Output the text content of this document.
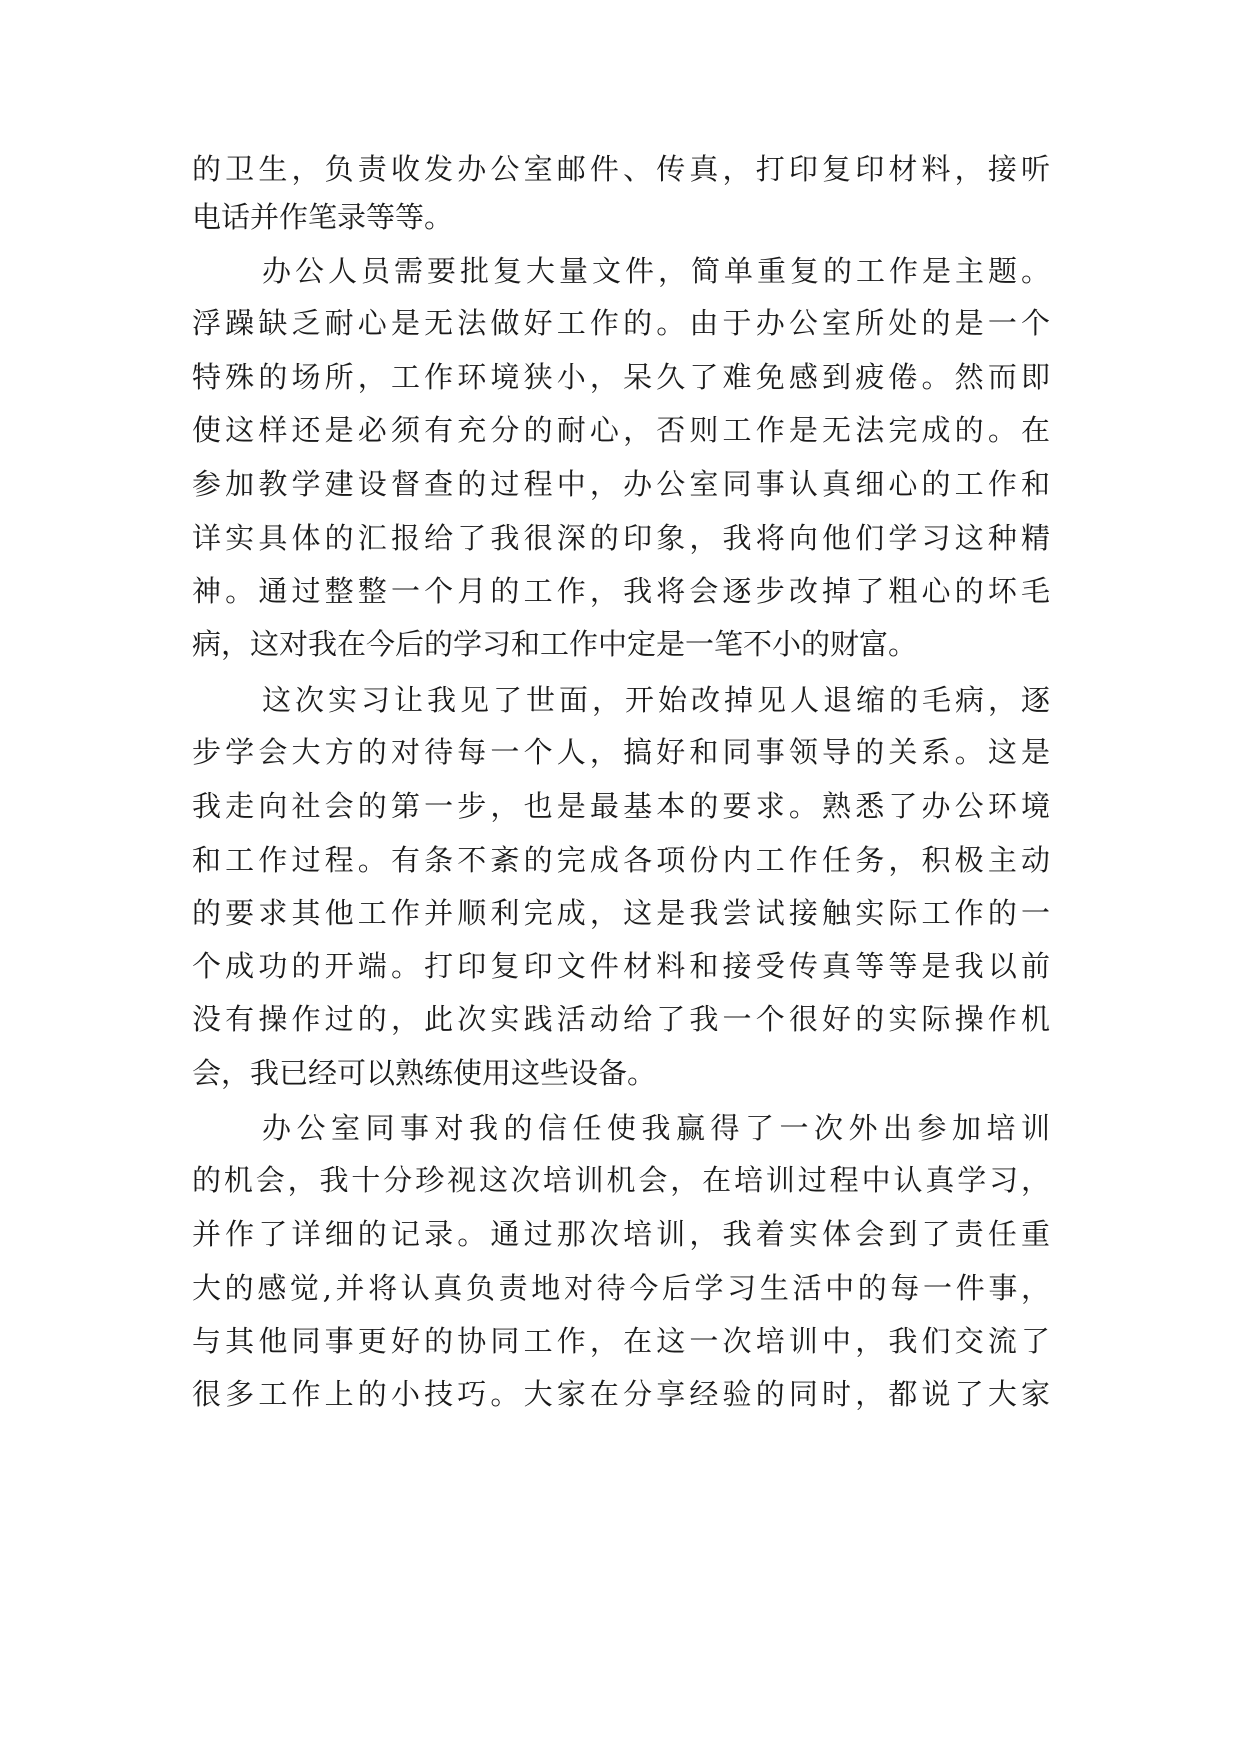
的卫生，负责收发办公室邮件、传真，打印复印材料，接听
电话并作笔录等等。
办公人员需要批复大量文件，简单重复的工作是主题。
浮躁缺乏耐心是无法做好工作的。由于办公室所处的是一个
特殊的场所，工作环境狭小，呆久了难免感到疲倦。然而即
使这样还是必须有充分的耐心，否则工作是无法完成的。在
参加教学建设督查的过程中，办公室同事认真细心的工作和
详实具体的汇报给了我很深的印象，我将向他们学习这种精
神。通过整整一个月的工作，我将会逐步改掉了粗心的坏毛
病，这对我在今后的学习和工作中定是一笔不小的财富。
这次实习让我见了世面，开始改掉见人退缩的毛病，逐
步学会大方的对待每一个人，搞好和同事领导的关系。这是
我走向社会的第一步，也是最基本的要求。熟悉了办公环境
和工作过程。有条不紊的完成各项份内工作任务，积极主动
的要求其他工作并顺利完成，这是我尝试接触实际工作的一
个成功的开端。打印复印文件材料和接受传真等等是我以前
没有操作过的，此次实践活动给了我一个很好的实际操作机
会，我已经可以熟练使用这些设备。
办公室同事对我的信任使我赢得了一次外出参加培训
的机会，我十分珍视这次培训机会，在培训过程中认真学习，
并作了详细的记录。通过那次培训，我着实体会到了责任重
大的感觉,并将认真负责地对待今后学习生活中的每一件事，
与其他同事更好的协同工作，在这一次培训中，我们交流了
很多工作上的小技巧。大家在分享经验的同时，都说了大家
